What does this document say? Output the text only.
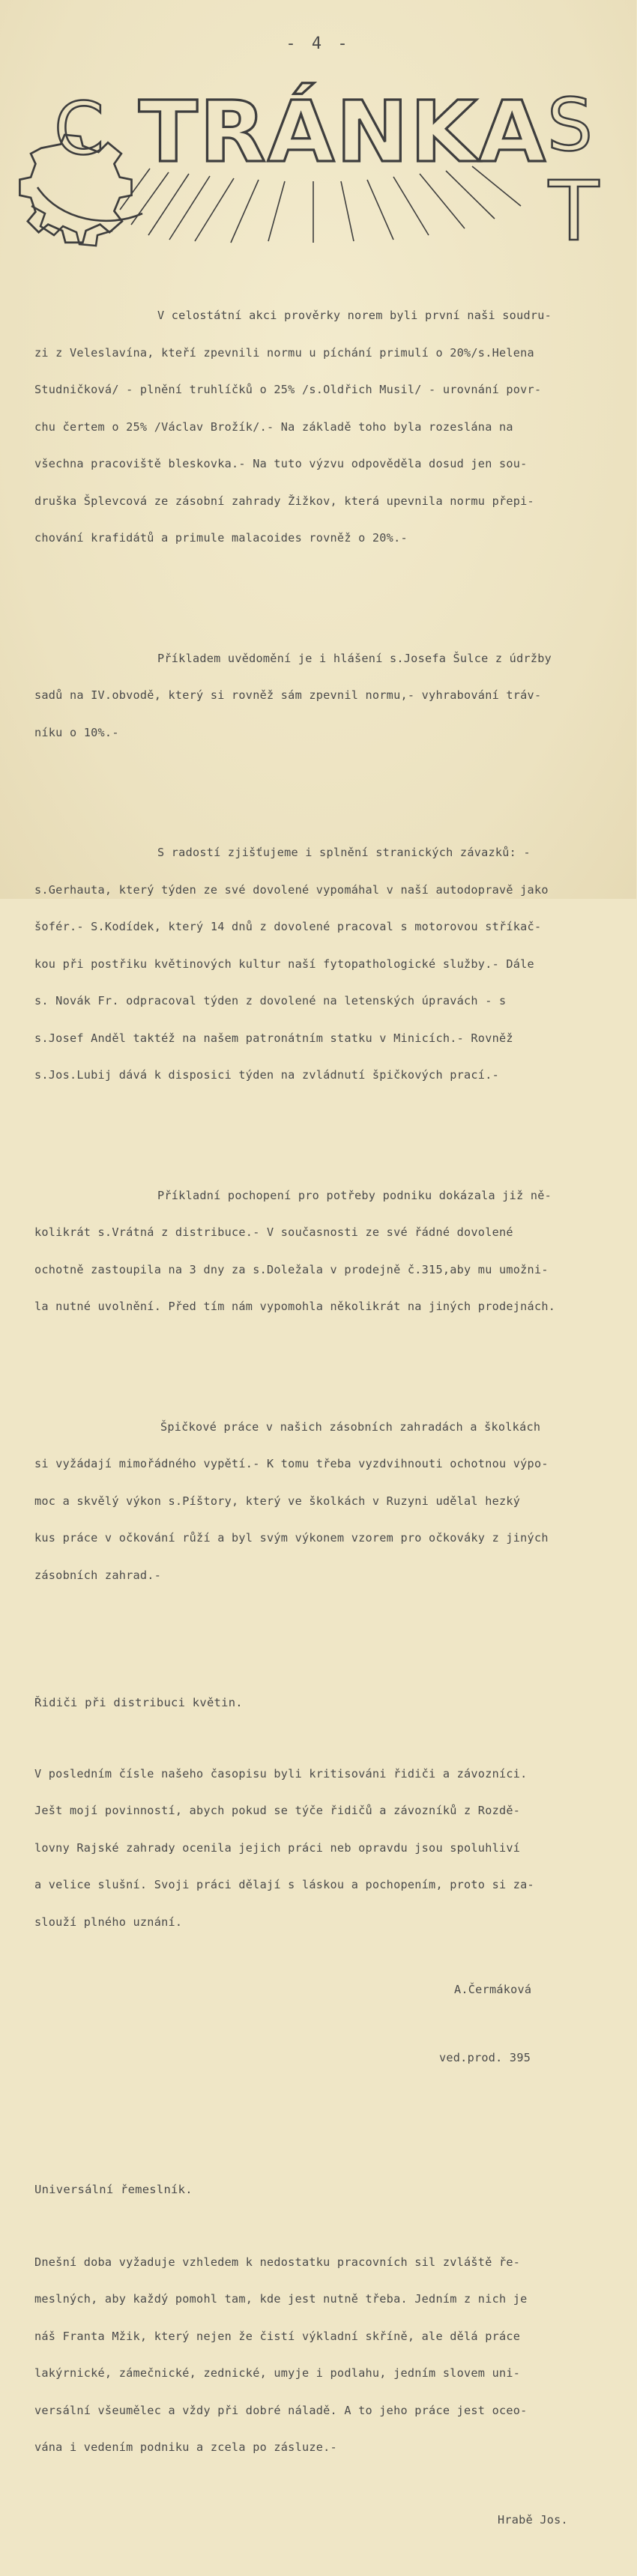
- 4 -
C TRÁNKA S
T

V celostátní akci prověrky norem byli první naši soudru-

zi z Veleslavína, kteří zpevnili normu u píchání primulí o 20%/s.Helena

Studničková/ - plnění truhlíčků o 25% /s.Oldřich Musil/ - urovnání povr-

chu čertem o 25% /Václav Brožík/.- Na základě toho byla rozeslána na

všechna pracoviště bleskovka.- Na tuto výzvu odpověděla dosud jen sou-

druška Šplevcová ze zásobní zahrady Žižkov, která upevnila normu přepi-

chování krafidátů a primule malacoides rovněž o 20%.-

Příkladem uvědomění je i hlášení s.Josefa Šulce z údržby

sadů na IV.obvodě, který si rovněž sám zpevnil normu,- vyhrabování tráv-

níku o 10%.-

S radostí zjišťujeme i splnění stranických závazků: -

s.Gerhauta, který týden ze své dovolené vypomáhal v naší autodopravě jako

šofér.- S.Kodídek, který 14 dnů z dovolené pracoval s motorovou stříkač-

kou při postřiku květinových kultur naší fytopathologické služby.- Dále

s. Novák Fr. odpracoval týden z dovolené na letenských úpravách - s

s.Josef Anděl taktéž na našem patronátním statku v Minicích.- Rovněž

s.Jos.Lubij dává k disposici týden na zvládnutí špičkových prací.-

Příkladní pochopení pro potřeby podniku dokázala již ně-

kolikrát s.Vrátná z distribuce.- V současnosti ze své řádné dovolené

ochotně zastoupila na 3 dny za s.Doležala v prodejně č.315,aby mu umožni-

la nutné uvolnění. Před tím nám vypomohla několikrát na jiných prodejnách.

Špičkové práce v našich zásobních zahradách a školkách

si vyžádají mimořádného vypětí.- K tomu třeba vyzdvihnouti ochotnou výpo-

moc a skvělý výkon s.Píštory, který ve školkách v Ruzyni udělal hezký

kus práce v očkování růží a byl svým výkonem vzorem pro očkováky z jiných

zásobních zahrad.-

Řidiči při distribuci květin.

V posledním čísle našeho časopisu byli kritisováni řidiči a závozníci.

Ješt mojí povinností, abych pokud se týče řidičů a závozníků z Rozdě-

lovny Rajské zahrady ocenila jejich práci neb opravdu jsou spoluhliví

a velice slušní. Svoji práci dělají s láskou a pochopením, proto si za-

slouží plného uznání.

A.Čermáková

ved.prod. 395

Universální řemeslník.

Dnešní doba vyžaduje vzhledem k nedostatku pracovních sil zvláště ře-

meslných, aby každý pomohl tam, kde jest nutně třeba. Jedním z nich je

náš Franta Mžik, který nejen že čistí výkladní skříně, ale dělá práce

lakýrnické, zámečnické, zednické, umyje i podlahu, jedním slovem uni-

versální všeumělec a vždy při dobré náladě. A to jeho práce jest oceo-

vána i vedením podniku a zcela po zásluze.-

Hrabě Jos.
